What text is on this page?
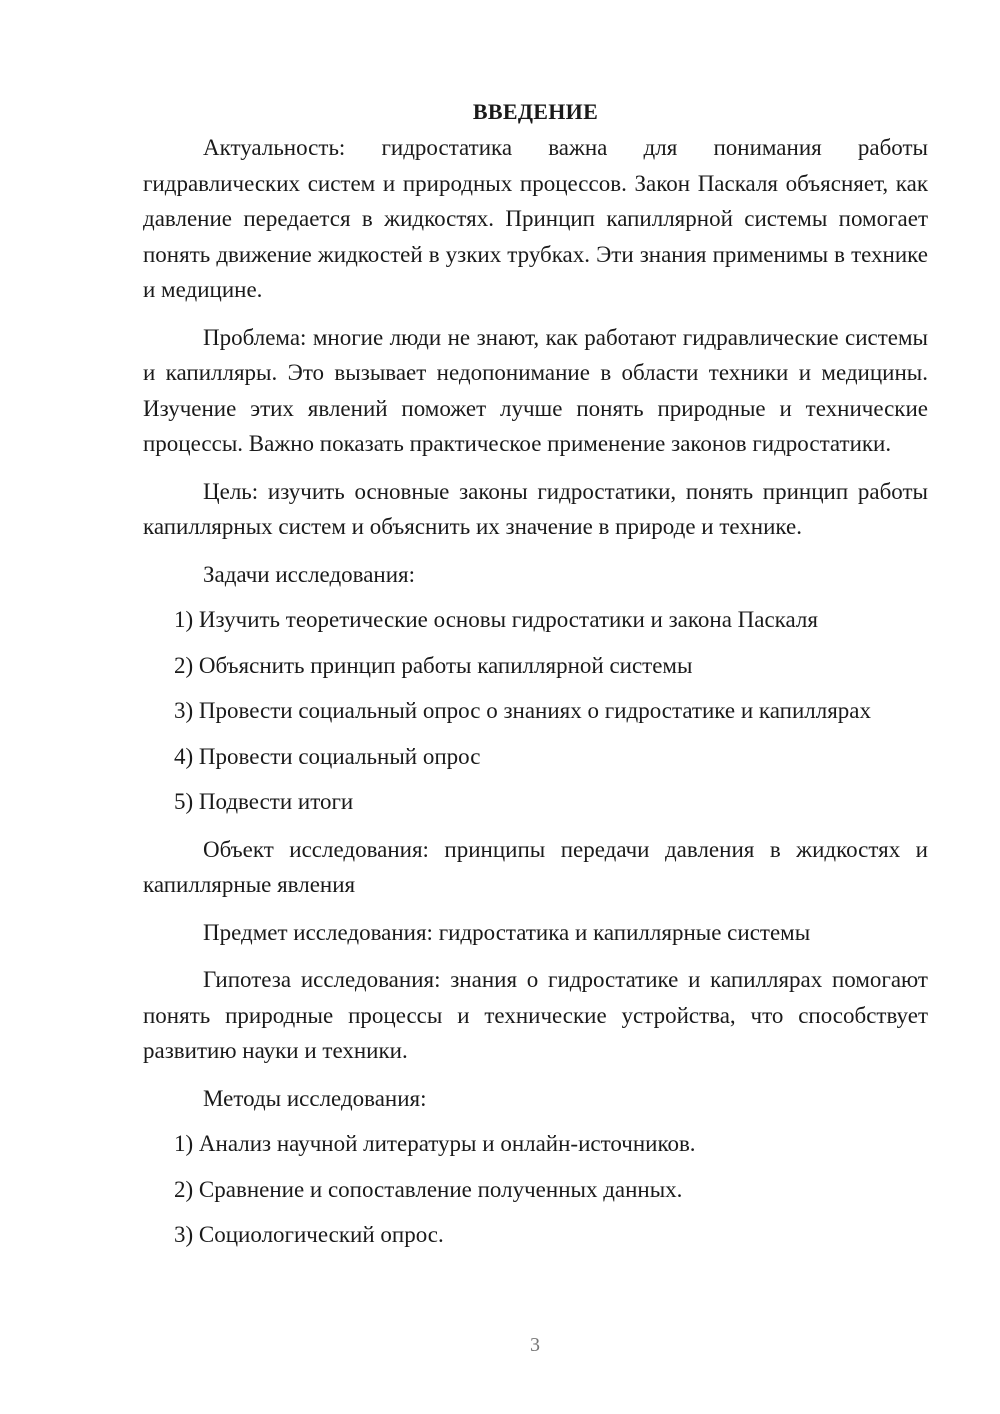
ВВЕДЕНИЕ

Актуальность: гидростатика важна для понимания работы гидравлических систем и природных процессов. Закон Паскаля объясняет, как давление передается в жидкостях. Принцип капиллярной системы помогает понять движение жидкостей в узких трубках. Эти знания применимы в технике и медицине.

Проблема: многие люди не знают, как работают гидравлические системы и капилляры. Это вызывает недопонимание в области техники и медицины. Изучение этих явлений поможет лучше понять природные и технические процессы. Важно показать практическое применение законов гидростатики.

Цель: изучить основные законы гидростатики, понять принцип работы капиллярных систем и объяснить их значение в природе и технике.

Задачи исследования:

1) Изучить теоретические основы гидростатики и закона Паскаля

2) Объяснить принцип работы капиллярной системы

3) Провести социальный опрос о знаниях о гидростатике и капиллярах

4) Провести социальный опрос

5) Подвести итоги

Объект исследования: принципы передачи давления в жидкостях и капиллярные явления

Предмет исследования: гидростатика и капиллярные системы

Гипотеза исследования: знания о гидростатике и капиллярах помогают понять природные процессы и технические устройства, что способствует развитию науки и техники.

Методы исследования:

1) Анализ научной литературы и онлайн-источников.

2) Сравнение и сопоставление полученных данных.

3) Социологический опрос.

3
